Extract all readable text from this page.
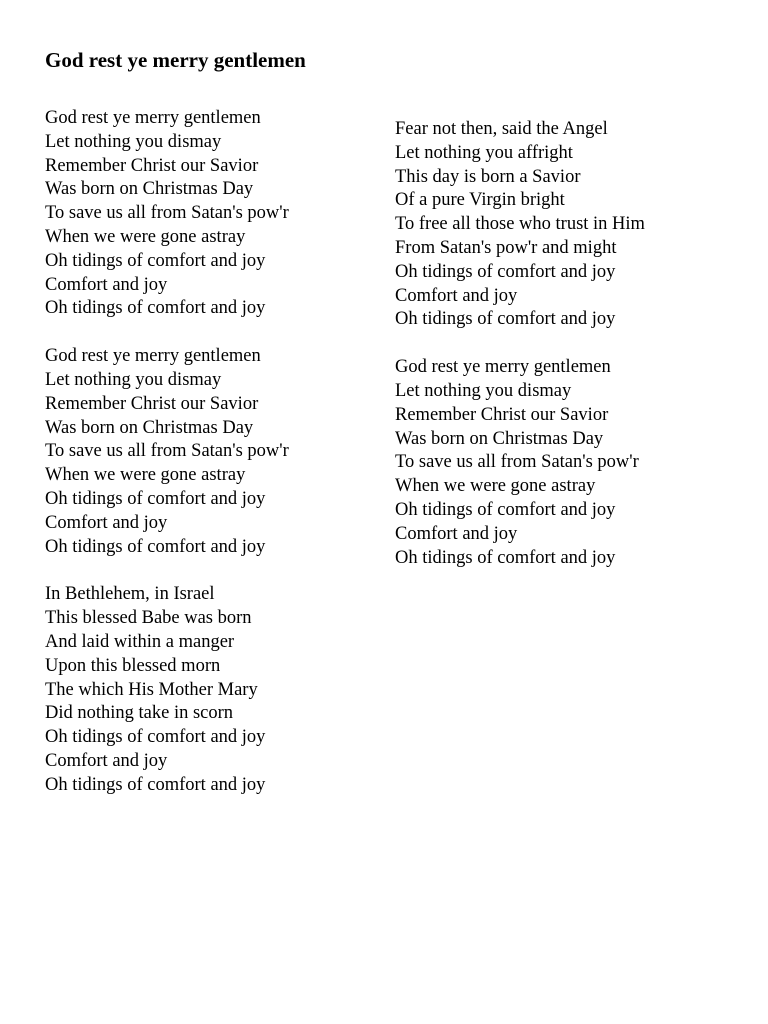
God rest ye merry gentlemen
God rest ye merry gentlemen
Let nothing you dismay
Remember Christ our Savior
Was born on Christmas Day
To save us all from Satan's pow'r
When we were gone astray
Oh tidings of comfort and joy
Comfort and joy
Oh tidings of comfort and joy
God rest ye merry gentlemen
Let nothing you dismay
Remember Christ our Savior
Was born on Christmas Day
To save us all from Satan's pow'r
When we were gone astray
Oh tidings of comfort and joy
Comfort and joy
Oh tidings of comfort and joy
In Bethlehem, in Israel
This blessed Babe was born
And laid within a manger
Upon this blessed morn
The which His Mother Mary
Did nothing take in scorn
Oh tidings of comfort and joy
Comfort and joy
Oh tidings of comfort and joy
Fear not then, said the Angel
Let nothing you affright
This day is born a Savior
Of a pure Virgin bright
To free all those who trust in Him
From Satan's pow'r and might
Oh tidings of comfort and joy
Comfort and joy
Oh tidings of comfort and joy
God rest ye merry gentlemen
Let nothing you dismay
Remember Christ our Savior
Was born on Christmas Day
To save us all from Satan's pow'r
When we were gone astray
Oh tidings of comfort and joy
Comfort and joy
Oh tidings of comfort and joy
